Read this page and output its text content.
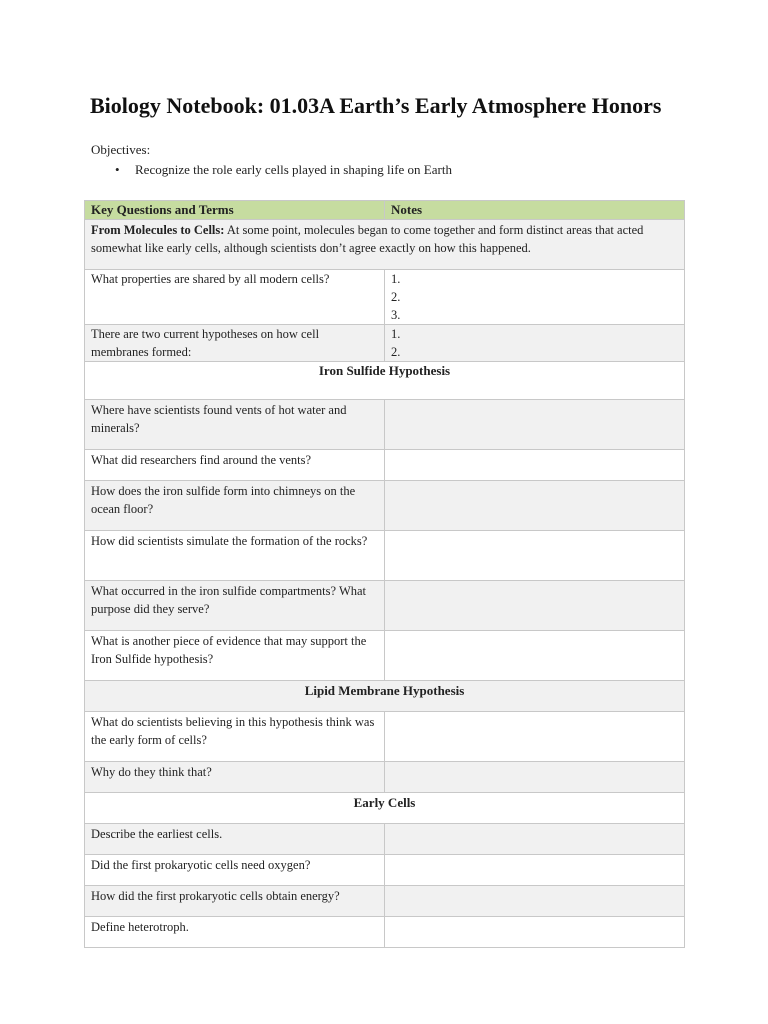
Biology Notebook: 01.03A Earth’s Early Atmosphere Honors
Objectives:
• Recognize the role early cells played in shaping life on Earth
Key Questions and Terms	Notes
From Molecules to Cells: At some point, molecules began to come together and form distinct areas that acted somewhat like early cells, although scientists don’t agree exactly on how this happened.	
What properties are shared by all modern cells?	1.
2.
3.

There are two current hypotheses on how cell membranes formed:	1.
2.

Iron Sulfide Hypothesis	
Where have scientists found vents of hot water and minerals?	
What did researchers find around the vents?	
How does the iron sulfide form into chimneys on the ocean floor?	
How did scientists simulate the formation of the rocks?	
What occurred in the iron sulfide compartments? What purpose did they serve?	
What is another piece of evidence that may support the Iron Sulfide hypothesis?	
Lipid Membrane Hypothesis	
What do scientists believing in this hypothesis think was the early form of cells?	
Why do they think that?	
Early Cells	
Describe the earliest cells.	
Did the first prokaryotic cells need oxygen?	
How did the first prokaryotic cells obtain energy?	
Define heterotroph.	
